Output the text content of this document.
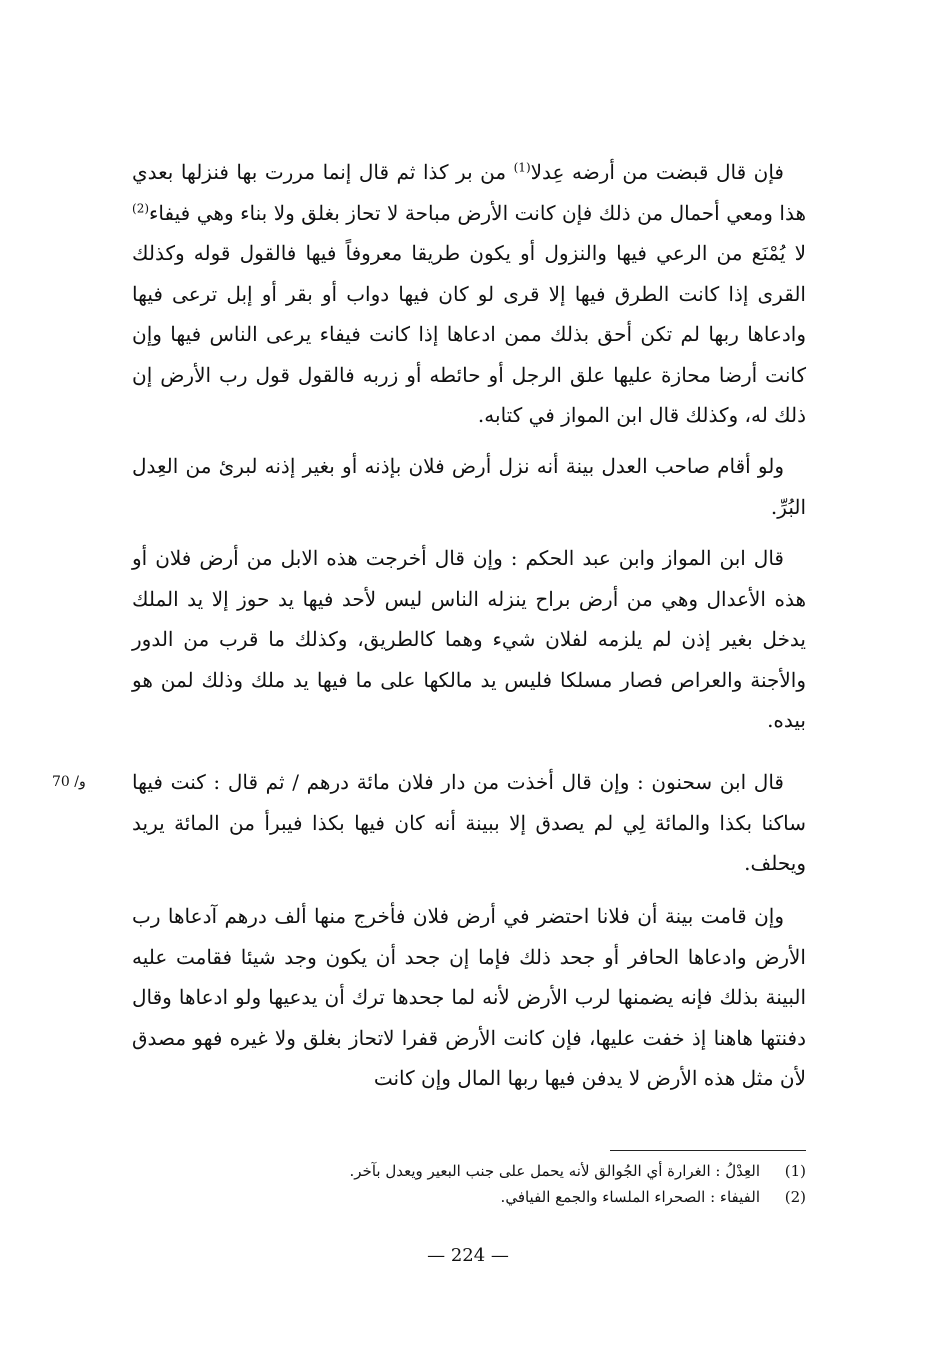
فإن قال قبضت من أرضه عِدلا$^{(1)}$ من بر كذا ثم قال إنما مررت بها فنزلها بعدي هذا ومعي أحمال من ذلك فإن كانت الأرض مباحة لا تحاز بغلق ولا بناء وهي فيفاء$^{(2)}$ لا يُمْنَع من الرعي فيها والنزول أو يكون طريقا معروفاً فيها فالقول قوله وكذلك القرى إذا كانت الطرق فيها إلا قرى لو كان فيها دواب أو بقر أو إبل ترعى فيها وادعاها ربها لم تكن أحق بذلك ممن ادعاها إذا كانت فيفاء يرعى الناس فيها وإن كانت أرضا محازة عليها علق الرجل أو حائطه أو زربه فالقول قول رب الأرض إن ذلك له، وكذلك قال ابن المواز في كتابه.

ولو أقام صاحب العدل بينة أنه نزل أرض فلان بإذنه أو بغير إذنه لبرئ من العِدل البُرِّ.

قال ابن المواز وابن عبد الحكم : وإن قال أخرجت هذه الابل من أرض فلان أو هذه الأعدال وهي من أرض براح ينزله الناس ليس لأحد فيها يد حوز إلا يد الملك يدخل بغير إذن لم يلزمه لفلان شيء وهما كالطريق، وكذلك ما قرب من الدور والأجنة والعراص فصار مسلكا فليس يد مالكها على ما فيها يد ملك وذلك لمن هو بيده.

قال ابن سحنون : وإن قال أخذت من دار فلان مائة درهم / ثم قال : كنت فيها ساكنا بكذا والمائة لِي لم يصدق إلا ببينة أنه كان فيها بكذا فيبرأ من المائة يريد ويحلف.

70 /و

وإن قامت بينة أن فلانا احتضر في أرض فلان فأخرج منها ألف درهم آدعاها رب الأرض وادعاها الحافر أو جحد ذلك فإما إن جحد أن يكون وجد شيئا فقامت عليه البينة بذلك فإنه يضمنها لرب الأرض لأنه لما جحدها ترك أن يدعيها ولو ادعاها وقال دفنتها هاهنا إذ خفت عليها، فإن كانت الأرض قفرا لاتحاز بغلق ولا غيره فهو مصدق لأن مثل هذه الأرض لا يدفن فيها ربها المال وإن كانت

(1)
العِدْلُ : الغرارة أي الجُوالق لأنه يحمل على جنب البعير ويعدل بآخر.
(2)
الفيفاء : الصحراء الملساء والجمع الفيافي.
— 224 —
